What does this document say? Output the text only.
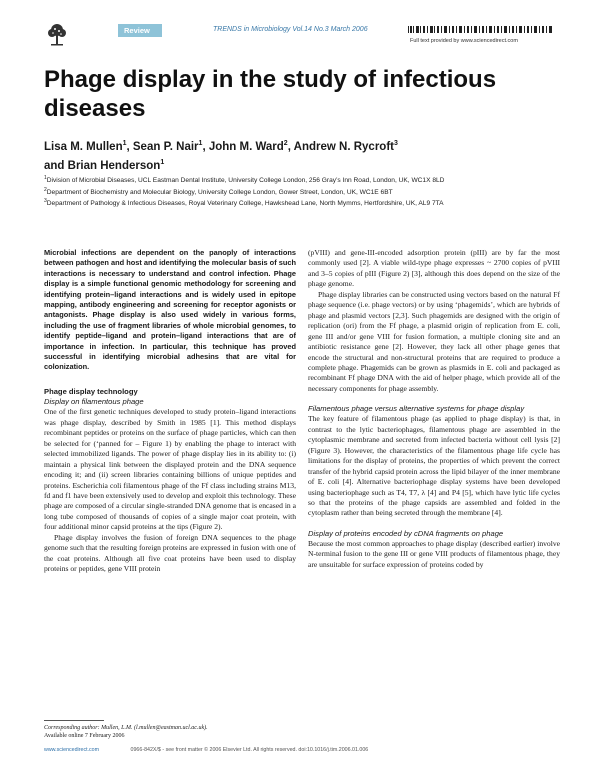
Review	TRENDS in Microbiology Vol.14 No.3 March 2006
Full text provided by www.sciencedirect.com
Phage display in the study of infectious diseases
Lisa M. Mullen$^1$, Sean P. Nair$^1$, John M. Ward$^2$, Andrew N. Rycroft$^3$
and Brian Henderson$^1$
$^1$Division of Microbial Diseases, UCL Eastman Dental Institute, University College London, 256 Gray’s Inn Road, London, UK, WC1X 8LD
$^2$Department of Biochemistry and Molecular Biology, University College London, Gower Street, London, UK, WC1E 6BT
$^3$Department of Pathology & Infectious Diseases, Royal Veterinary College, Hawkshead Lane, North Mymms, Hertfordshire, UK, AL9 7TA

Microbial infections are dependent on the panoply of interactions between pathogen and host and identifying the molecular basis of such interactions is necessary to understand and control infection. Phage display is a simple functional genomic methodology for screening and identifying protein–ligand interactions and is widely used in epitope mapping, antibody engineering and screening for receptor agonists or antagonists. Phage display is also used widely in various forms, including the use of fragment libraries of whole microbial genomes, to identify peptide–ligand and protein–ligand interactions that are of importance in infection. In particular, this technique has proved successful in identifying microbial adhesins that are vital for colonization.

Phage display technology
Display on filamentous phage

One of the first genetic techniques developed to study protein–ligand interactions was phage display, described by Smith in 1985 [1]. This method displays recombinant peptides or proteins on the surface of phage particles, which can then be selected for (‘panned for – Figure 1) by enabling the phage to interact with selected immobilized ligands. The power of phage display lies in its ability to: (i) maintain a physical link between the displayed protein and the DNA sequence encoding it; and (ii) screen libraries containing billions of unique peptides and proteins. Escherichia coli filamentous phage of the Ff class including strains M13, fd and f1 have been extensively used to develop and exploit this technology. These phage are composed of a circular single-stranded DNA genome that is encased in a long tube composed of thousands of copies of a single major coat protein, with four additional minor capsid proteins at the tips (Figure 2).

Phage display involves the fusion of foreign DNA sequences to the phage genome such that the resulting foreign proteins are expressed in fusion with one of the coat proteins. Although all five coat proteins have been used to display proteins or peptides, gene VIII protein

(pVIII) and gene-III-encoded adsorption protein (pIII) are by far the most commonly used [2]. A viable wild-type phage expresses ~ 2700 copies of pVIII and 3–5 copies of pIII (Figure 2) [3], although this does depend on the size of the phage genome.

Phage display libraries can be constructed using vectors based on the natural Ff phage sequence (i.e. phage vectors) or by using ‘phagemids’, which are hybrids of phage and plasmid vectors [2,3]. Such phagemids are designed with the origin of replication (ori) from the Ff phage, a plasmid origin of replication from E. coli, gene III and/or gene VIII for fusion formation, a multiple cloning site and an antibiotic resistance gene [2]. However, they lack all other phage genes that encode the structural and non-structural proteins that are required to produce a complete phage. Phagemids can be grown as plasmids in E. coli and packaged as recombinant Ff phage DNA with the aid of helper phage, which provide all of the necessary components for phage assembly.

Filamentous phage versus alternative systems for phage display

The key feature of filamentous phage (as applied to phage display) is that, in contrast to the lytic bacteriophages, filamentous phage are assembled in the cytoplasmic membrane and secreted from infected bacteria without cell lysis [2] (Figure 3). However, the characteristics of the filamentous phage life cycle has limitations for the display of proteins, the properties of which prevent the correct transfer of the hybrid capsid protein across the lipid bilayer of the inner membrane of E. coli [4]. Alternative bacteriophage display systems have been developed using bacteriophage such as T4, T7, λ [4] and P4 [5], which have lytic life cycles so that the proteins of the phage capsids are assembled and folded in the cytoplasm rather than being secreted through the membrane [4].

Display of proteins encoded by cDNA fragments on phage

Because the most common approaches to phage display (described earlier) involve N-terminal fusion to the gene III or gene VIII products of filamentous phage, they are unsuitable for surface expression of proteins coded by

Corresponding author: Mullen, L.M. (l.mullen@eastman.ucl.ac.uk).
Available online 7 February 2006
www.sciencedirect.com	0966-842X/$ - see front matter © 2006 Elsevier Ltd. All rights reserved. doi:10.1016/j.tim.2006.01.006
